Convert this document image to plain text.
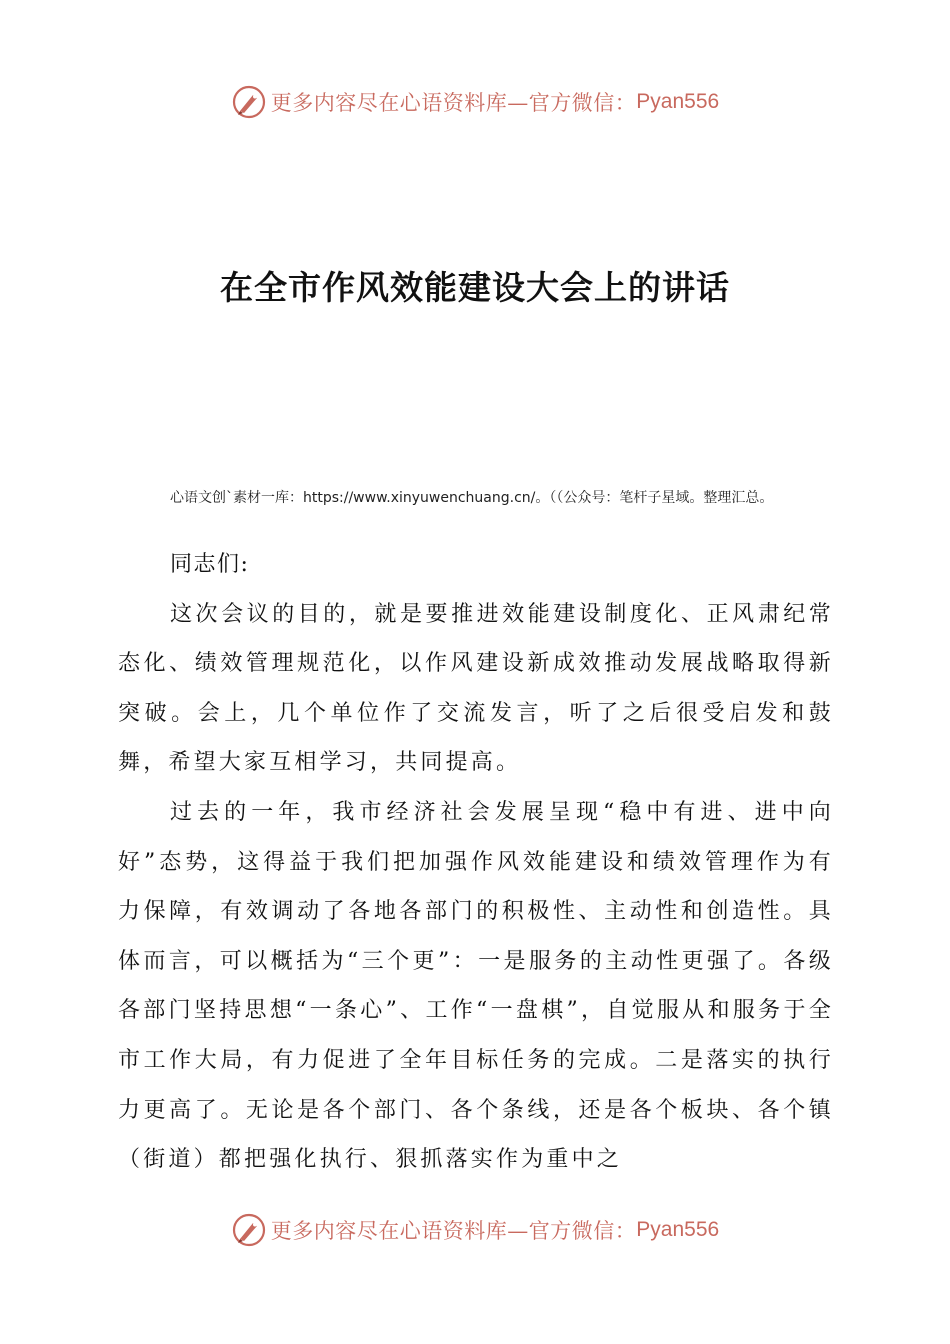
更多内容尽在心语资料库—官方微信： Pyan556
在全市作风效能建设大会上的讲话
心语文创`素材一库：https://www.xinyuwenchuang.cn/。（（公众号：笔杆子星域。整理汇总。

同志们:

这次会议的目的，就是要推进效能建设制度化、正风肃纪常态化、绩效管理规范化，以作风建设新成效推动发展战略取得新突破。会上，几个单位作了交流发言，听了之后很受启发和鼓舞，希望大家互相学习，共同提高。

过去的一年，我市经济社会发展呈现“稳中有进、进中向好”态势，这得益于我们把加强作风效能建设和绩效管理作为有力保障，有效调动了各地各部门的积极性、主动性和创造性。具体而言，可以概括为“三个更”：一是服务的主动性更强了。各级各部门坚持思想“一条心”、工作“一盘棋”，自觉服从和服务于全市工作大局，有力促进了全年目标任务的完成。二是落实的执行力更高了。无论是各个部门、各个条线，还是各个板块、各个镇（街道）都把强化执行、狠抓落实作为重中之

更多内容尽在心语资料库—官方微信： Pyan556
